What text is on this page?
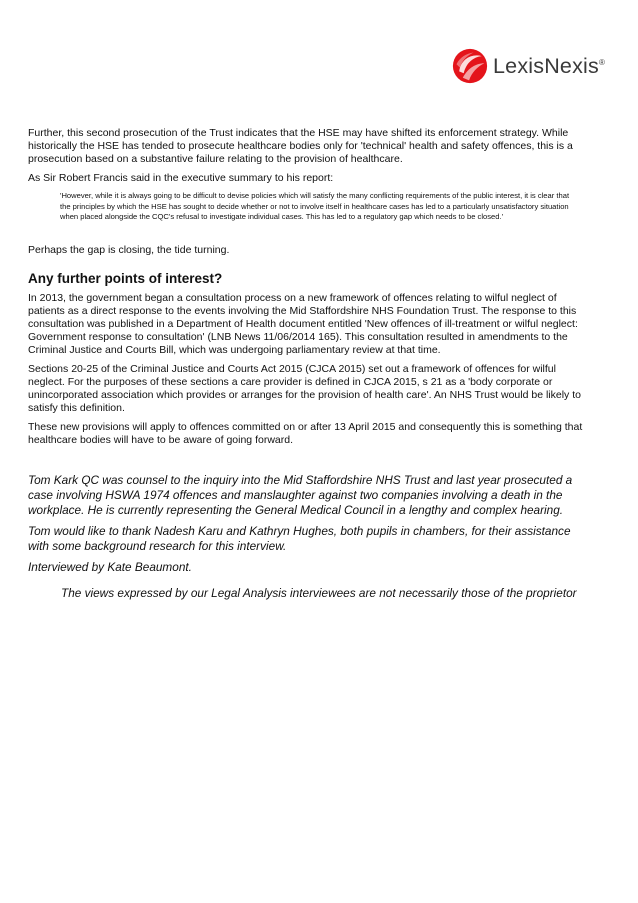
LexisNexis®

Further, this second prosecution of the Trust indicates that the HSE may have shifted its enforcement strategy. While historically the HSE has tended to prosecute healthcare bodies only for 'technical' health and safety offences, this is a prosecution based on a substantive failure relating to the provision of healthcare.

As Sir Robert Francis said in the executive summary to his report:

'However, while it is always going to be difficult to devise policies which will satisfy the many conflicting requirements of the public interest, it is clear that the principles by which the HSE has sought to decide whether or not to involve itself in healthcare cases has led to a particularly unsatisfactory situation when placed alongside the CQC's refusal to investigate individual cases. This has led to a regulatory gap which needs to be closed.'

Perhaps the gap is closing, the tide turning.

Any further points of interest?

In 2013, the government began a consultation process on a new framework of offences relating to wilful neglect of patients as a direct response to the events involving the Mid Staffordshire NHS Foundation Trust. The response to this consultation was published in a Department of Health document entitled 'New offences of ill-treatment or wilful neglect: Government response to consultation' (LNB News 11/06/2014 165). This consultation resulted in amendments to the Criminal Justice and Courts Bill, which was undergoing parliamentary review at that time.

Sections 20-25 of the Criminal Justice and Courts Act 2015 (CJCA 2015) set out a framework of offences for wilful neglect. For the purposes of these sections a care provider is defined in CJCA 2015, s 21 as a 'body corporate or unincorporated association which provides or arranges for the provision of health care'. An NHS Trust would be likely to satisfy this definition.

These new provisions will apply to offences committed on or after 13 April 2015 and consequently this is something that healthcare bodies will have to be aware of going forward.

Tom Kark QC was counsel to the inquiry into the Mid Staffordshire NHS Trust and last year prosecuted a case involving HSWA 1974 offences and manslaughter against two companies involving a death in the workplace. He is currently representing the General Medical Council in a lengthy and complex hearing.

Tom would like to thank Nadesh Karu and Kathryn Hughes, both pupils in chambers, for their assistance with some background research for this interview.

Interviewed by Kate Beaumont.

The views expressed by our Legal Analysis interviewees are not necessarily those of the proprietor
